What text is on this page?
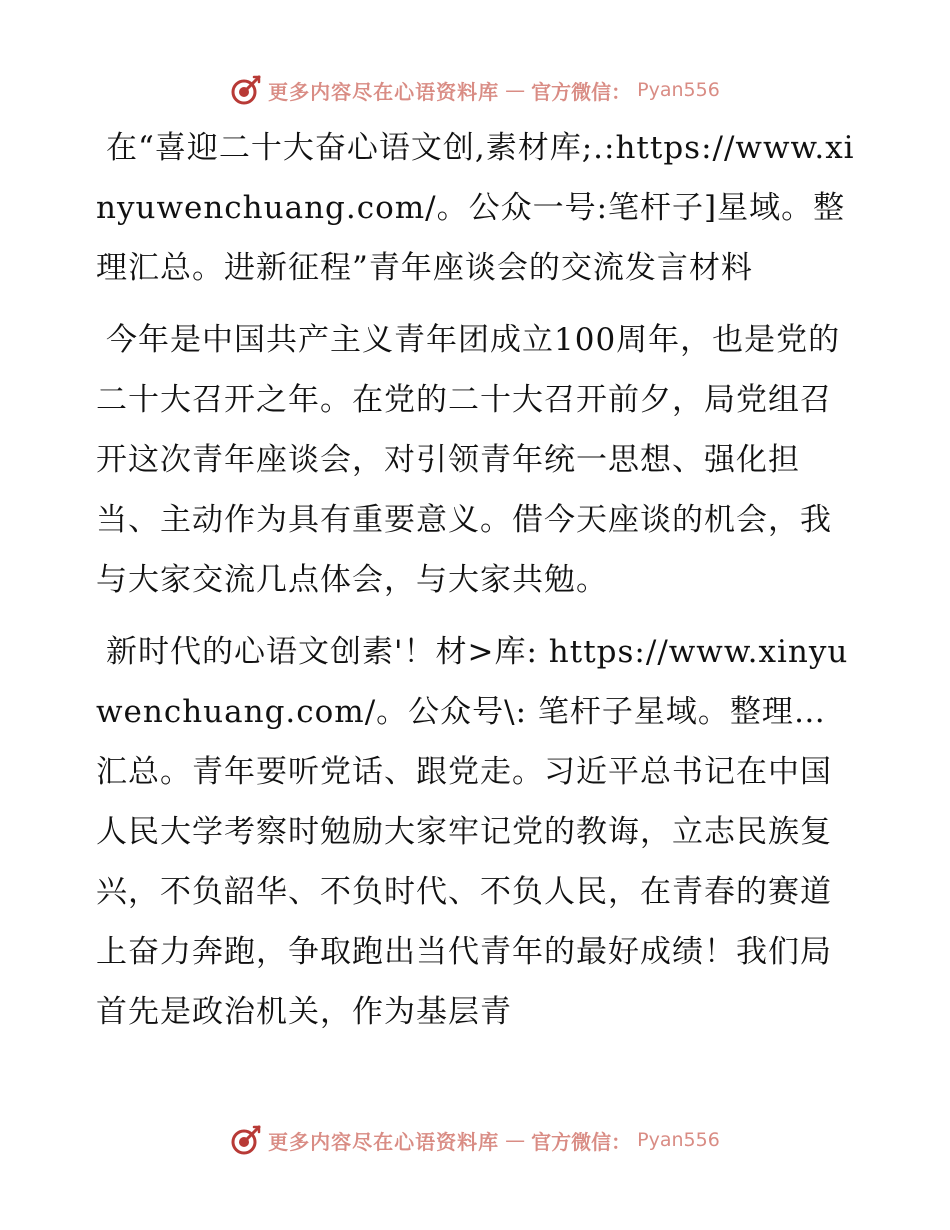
更多内容尽在心语资料库 — 官方微信： Pyan556

在“喜迎二十大奋心语文创,素材库;.:https://www.xinyuwenchuang.com/。公众一号:笔杆子]星域。整理汇总。进新征程”青年座谈会的交流发言材料

今年是中国共产主义青年团成立100周年，也是党的二十大召开之年。在党的二十大召开前夕，局党组召开这次青年座谈会，对引领青年统一思想、强化担当、主动作为具有重要意义。借今天座谈的机会，我与大家交流几点体会，与大家共勉。

新时代的心语文创素'！材>库: https://www.xinyuwenchuang.com/。公众号\: 笔杆子星域。整理…汇总。青年要听党话、跟党走。习近平总书记在中国人民大学考察时勉励大家牢记党的教诲，立志民族复兴，不负韶华、不负时代、不负人民，在青春的赛道上奋力奔跑，争取跑出当代青年的最好成绩！我们局首先是政治机关，作为基层青

更多内容尽在心语资料库 — 官方微信： Pyan556
